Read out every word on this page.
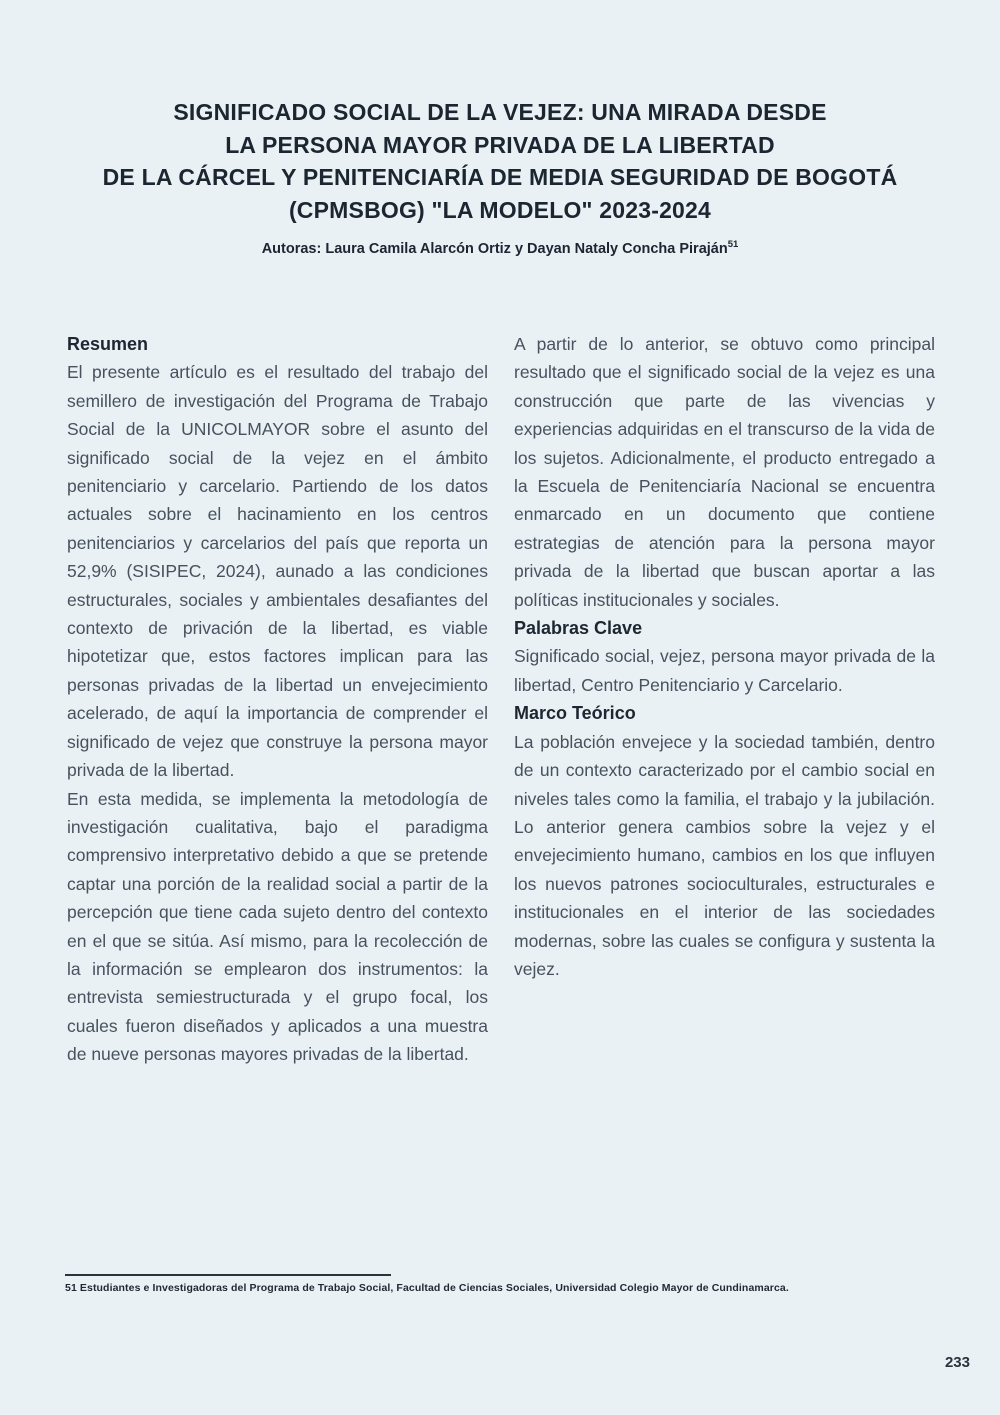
SIGNIFICADO SOCIAL DE LA VEJEZ: UNA MIRADA DESDE
LA PERSONA MAYOR PRIVADA DE LA LIBERTAD
DE LA CÁRCEL Y PENITENCIARÍA DE MEDIA SEGURIDAD DE BOGOTÁ
(CPMSBOG) "LA MODELO" 2023-2024
Autoras: Laura Camila Alarcón Ortiz y Dayan Nataly Concha Piraján$^{51}$
Resumen

El presente artículo es el resultado del trabajo del semillero de investigación del Programa de Trabajo Social de la UNICOLMAYOR sobre el asunto del significado social de la vejez en el ámbito penitenciario y carcelario. Partiendo de los datos actuales sobre el hacinamiento en los centros penitenciarios y carcelarios del país que reporta un 52,9% (SISIPEC, 2024), aunado a las condiciones estructurales, sociales y ambientales desafiantes del contexto de privación de la libertad, es viable hipotetizar que, estos factores implican para las personas privadas de la libertad un envejecimiento acelerado, de aquí la importancia de comprender el significado de vejez que construye la persona mayor privada de la libertad.

En esta medida, se implementa la metodología de investigación cualitativa, bajo el paradigma comprensivo interpretativo debido a que se pretende captar una porción de la realidad social a partir de la percepción que tiene cada sujeto dentro del contexto en el que se sitúa. Así mismo, para la recolección de la información se emplearon dos instrumentos: la entrevista semiestructurada y el grupo focal, los cuales fueron diseñados y aplicados a una muestra de nueve personas mayores privadas de la libertad.

A partir de lo anterior, se obtuvo como principal resultado que el significado social de la vejez es una construcción que parte de las vivencias y experiencias adquiridas en el transcurso de la vida de los sujetos. Adicionalmente, el producto entregado a la Escuela de Penitenciaría Nacional se encuentra enmarcado en un documento que contiene estrategias de atención para la persona mayor privada de la libertad que buscan aportar a las políticas institucionales y sociales.

Palabras Clave

Significado social, vejez, persona mayor privada de la libertad, Centro Penitenciario y Carcelario.

Marco Teórico

La población envejece y la sociedad también, dentro de un contexto caracterizado por el cambio social en niveles tales como la familia, el trabajo y la jubilación. Lo anterior genera cambios sobre la vejez y el envejecimiento humano, cambios en los que influyen los nuevos patrones socioculturales, estructurales e institucionales en el interior de las sociedades modernas, sobre las cuales se configura y sustenta la vejez.

51 Estudiantes e Investigadoras del Programa de Trabajo Social, Facultad de Ciencias Sociales, Universidad Colegio Mayor de Cundinamarca.
233
